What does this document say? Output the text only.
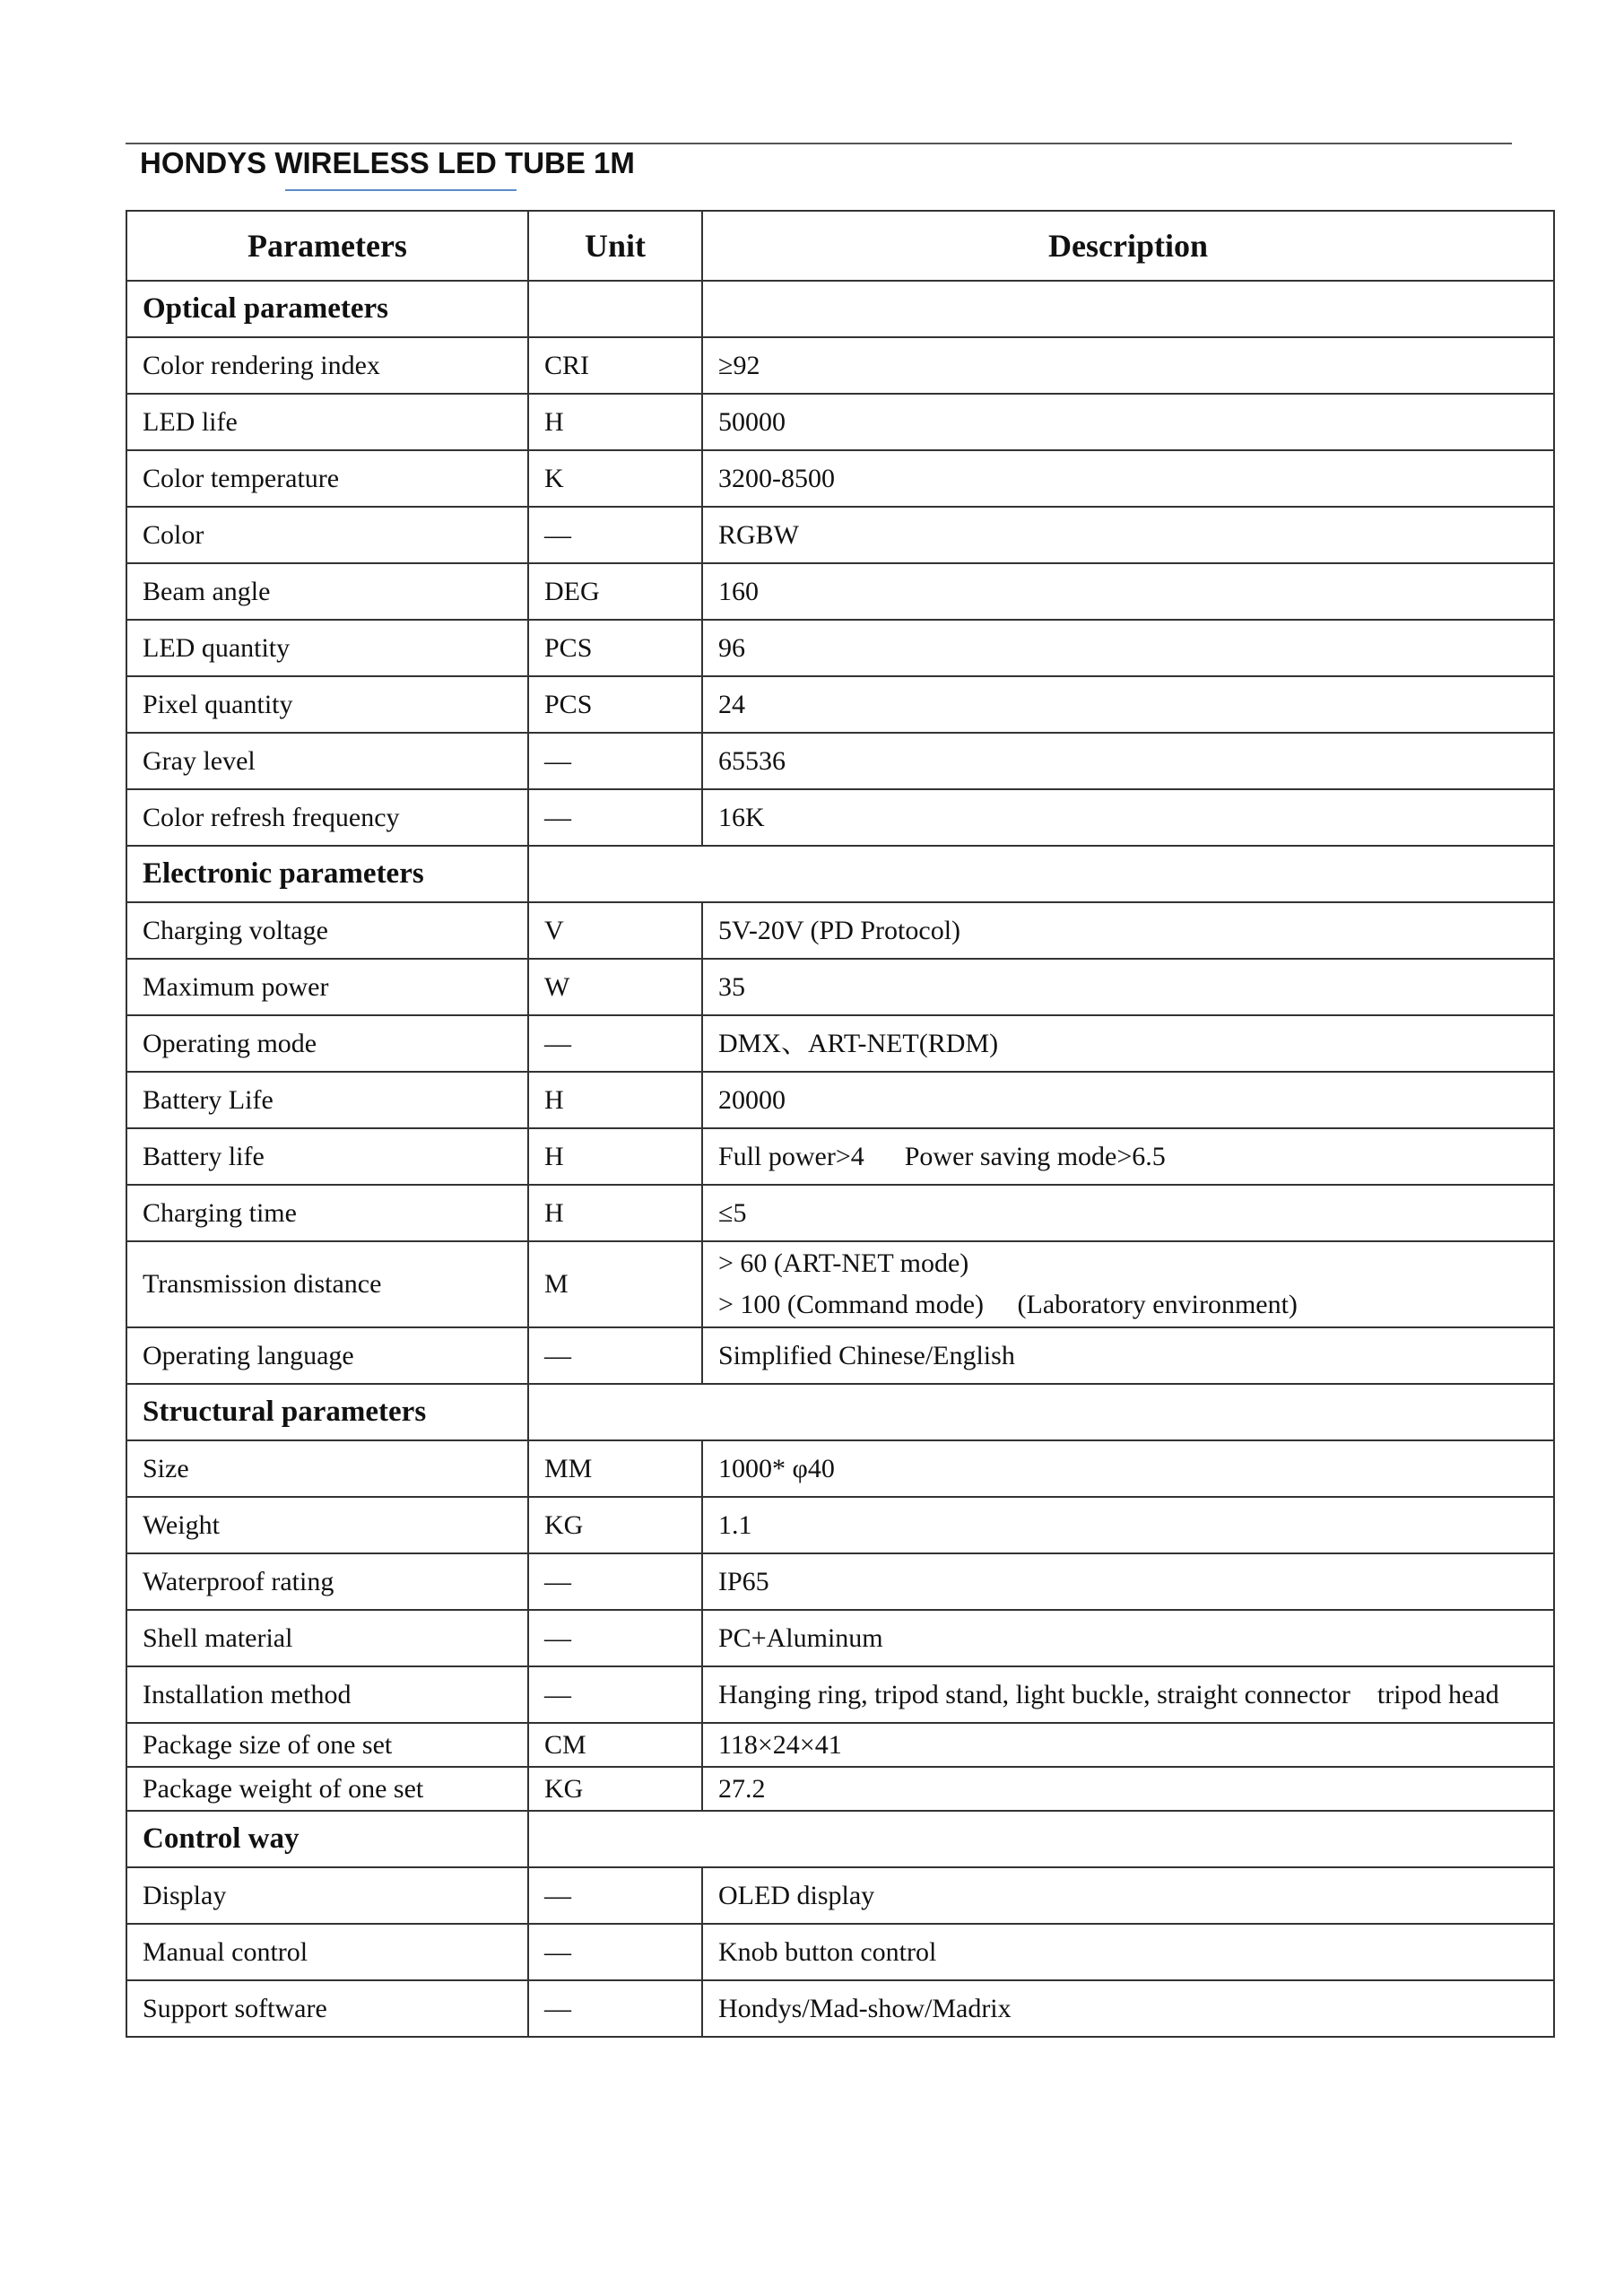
HONDYS WIRELESS LED TUBE 1M
Parameters	Unit	Description
Optical parameters		
Color rendering index	CRI	≥92

LED life	H	50000

Color temperature	K	3200-8500

Color	—	RGBW

Beam angle	DEG	160

LED quantity	PCS	96

Pixel quantity	PCS	24

Gray level	—	65536

Color refresh frequency	—	16K

Electronic parameters		
Charging voltage	V	5V-20V (PD Protocol)

Maximum power	W	35

Operating mode	—	DMX、ART-NET(RDM)

Battery Life	H	20000

Battery life	H	Full power>4      Power saving mode>6.5

Charging time	H	≤5

Transmission distance	M	> 60 (ART-NET mode)
> 100 (Command mode)     (Laboratory environment)

Operating language	—	Simplified Chinese/English

Structural parameters		
Size	MM	1000* φ40

Weight	KG	1.1

Waterproof rating	—	IP65

Shell material	—	PC+Aluminum

Installation method	—	Hanging ring, tripod stand, light buckle, straight connector    tripod head

Package size of one set	CM	118×24×41

Package weight of one set	KG	27.2

Control way		
Display	—	OLED display

Manual control	—	Knob button control

Support software	—	Hondys/Mad-show/Madrix
